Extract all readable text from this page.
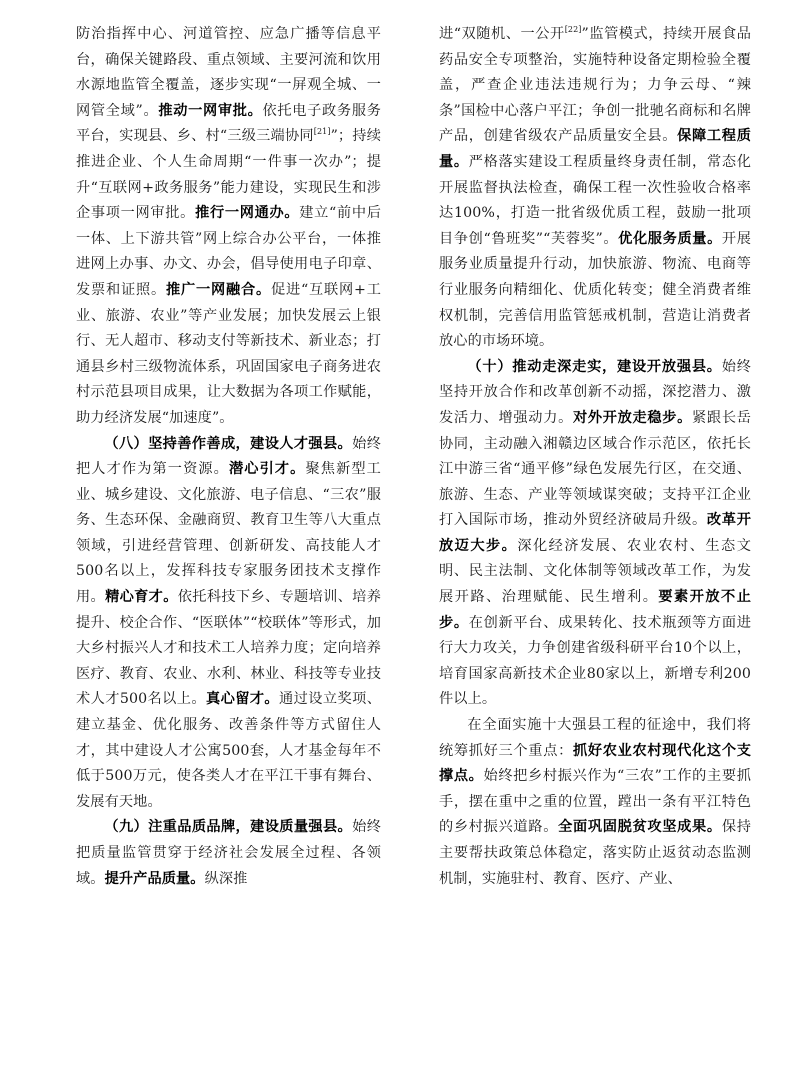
防治指挥中心、河道管控、应急广播等信息平台，确保关键路段、重点领域、主要河流和饮用水源地监管全覆盖，逐步实现“一屏观全城、一网管全域”。推动一网审批。依托电子政务服务平台，实现县、乡、村“三级三端协同[21]”；持续推进企业、个人生命周期“一件事一次办”；提升“互联网+政务服务”能力建设，实现民生和涉企事项一网审批。推行一网通办。建立“前中后一体、上下游共管”网上综合办公平台，一体推进网上办事、办文、办会，倡导使用电子印章、发票和证照。推广一网融合。促进“互联网+工业、旅游、农业”等产业发展；加快发展云上银行、无人超市、移动支付等新技术、新业态；打通县乡村三级物流体系，巩固国家电子商务进农村示范县项目成果，让大数据为各项工作赋能，助力经济发展“加速度”。

（八）坚持善作善成，建设人才强县。始终把人才作为第一资源。潜心引才。聚焦新型工业、城乡建设、文化旅游、电子信息、“三农”服务、生态环保、金融商贸、教育卫生等八大重点领域，引进经营管理、创新研发、高技能人才500名以上，发挥科技专家服务团技术支撑作用。精心育才。依托科技下乡、专题培训、培养提升、校企合作、“医联体”“校联体”等形式，加大乡村振兴人才和技术工人培养力度；定向培养医疗、教育、农业、水利、林业、科技等专业技术人才500名以上。真心留才。通过设立奖项、建立基金、优化服务、改善条件等方式留住人才，其中建设人才公寓500套，人才基金每年不低于500万元，使各类人才在平江干事有舞台、发展有天地。

（九）注重品质品牌，建设质量强县。始终把质量监管贯穿于经济社会发展全过程、各领域。提升产品质量。纵深推

进“双随机、一公开[22]”监管模式，持续开展食品药品安全专项整治，实施特种设备定期检验全覆盖，严查企业违法违规行为；力争云母、“辣条”国检中心落户平江；争创一批驰名商标和名牌产品，创建省级农产品质量安全县。保障工程质量。严格落实建设工程质量终身责任制，常态化开展监督执法检查，确保工程一次性验收合格率达100%，打造一批省级优质工程，鼓励一批项目争创“鲁班奖”“芙蓉奖”。优化服务质量。开展服务业质量提升行动，加快旅游、物流、电商等行业服务向精细化、优质化转变；健全消费者维权机制，完善信用监管惩戒机制，营造让消费者放心的市场环境。

（十）推动走深走实，建设开放强县。始终坚持开放合作和改革创新不动摇，深挖潜力、激发活力、增强动力。对外开放走稳步。紧跟长岳协同，主动融入湘赣边区域合作示范区，依托长江中游三省“通平修”绿色发展先行区，在交通、旅游、生态、产业等领域谋突破；支持平江企业打入国际市场，推动外贸经济破局升级。改革开放迈大步。深化经济发展、农业农村、生态文明、民主法制、文化体制等领域改革工作，为发展开路、治理赋能、民生增利。要素开放不止步。在创新平台、成果转化、技术瓶颈等方面进行大力攻关，力争创建省级科研平台10个以上，培育国家高新技术企业80家以上，新增专利200件以上。

在全面实施十大强县工程的征途中，我们将统筹抓好三个重点：抓好农业农村现代化这个支撑点。始终把乡村振兴作为“三农”工作的主要抓手，摆在重中之重的位置，蹚出一条有平江特色的乡村振兴道路。全面巩固脱贫攻坚成果。保持主要帮扶政策总体稳定，落实防止返贫动态监测机制，实施驻村、教育、医疗、产业、
